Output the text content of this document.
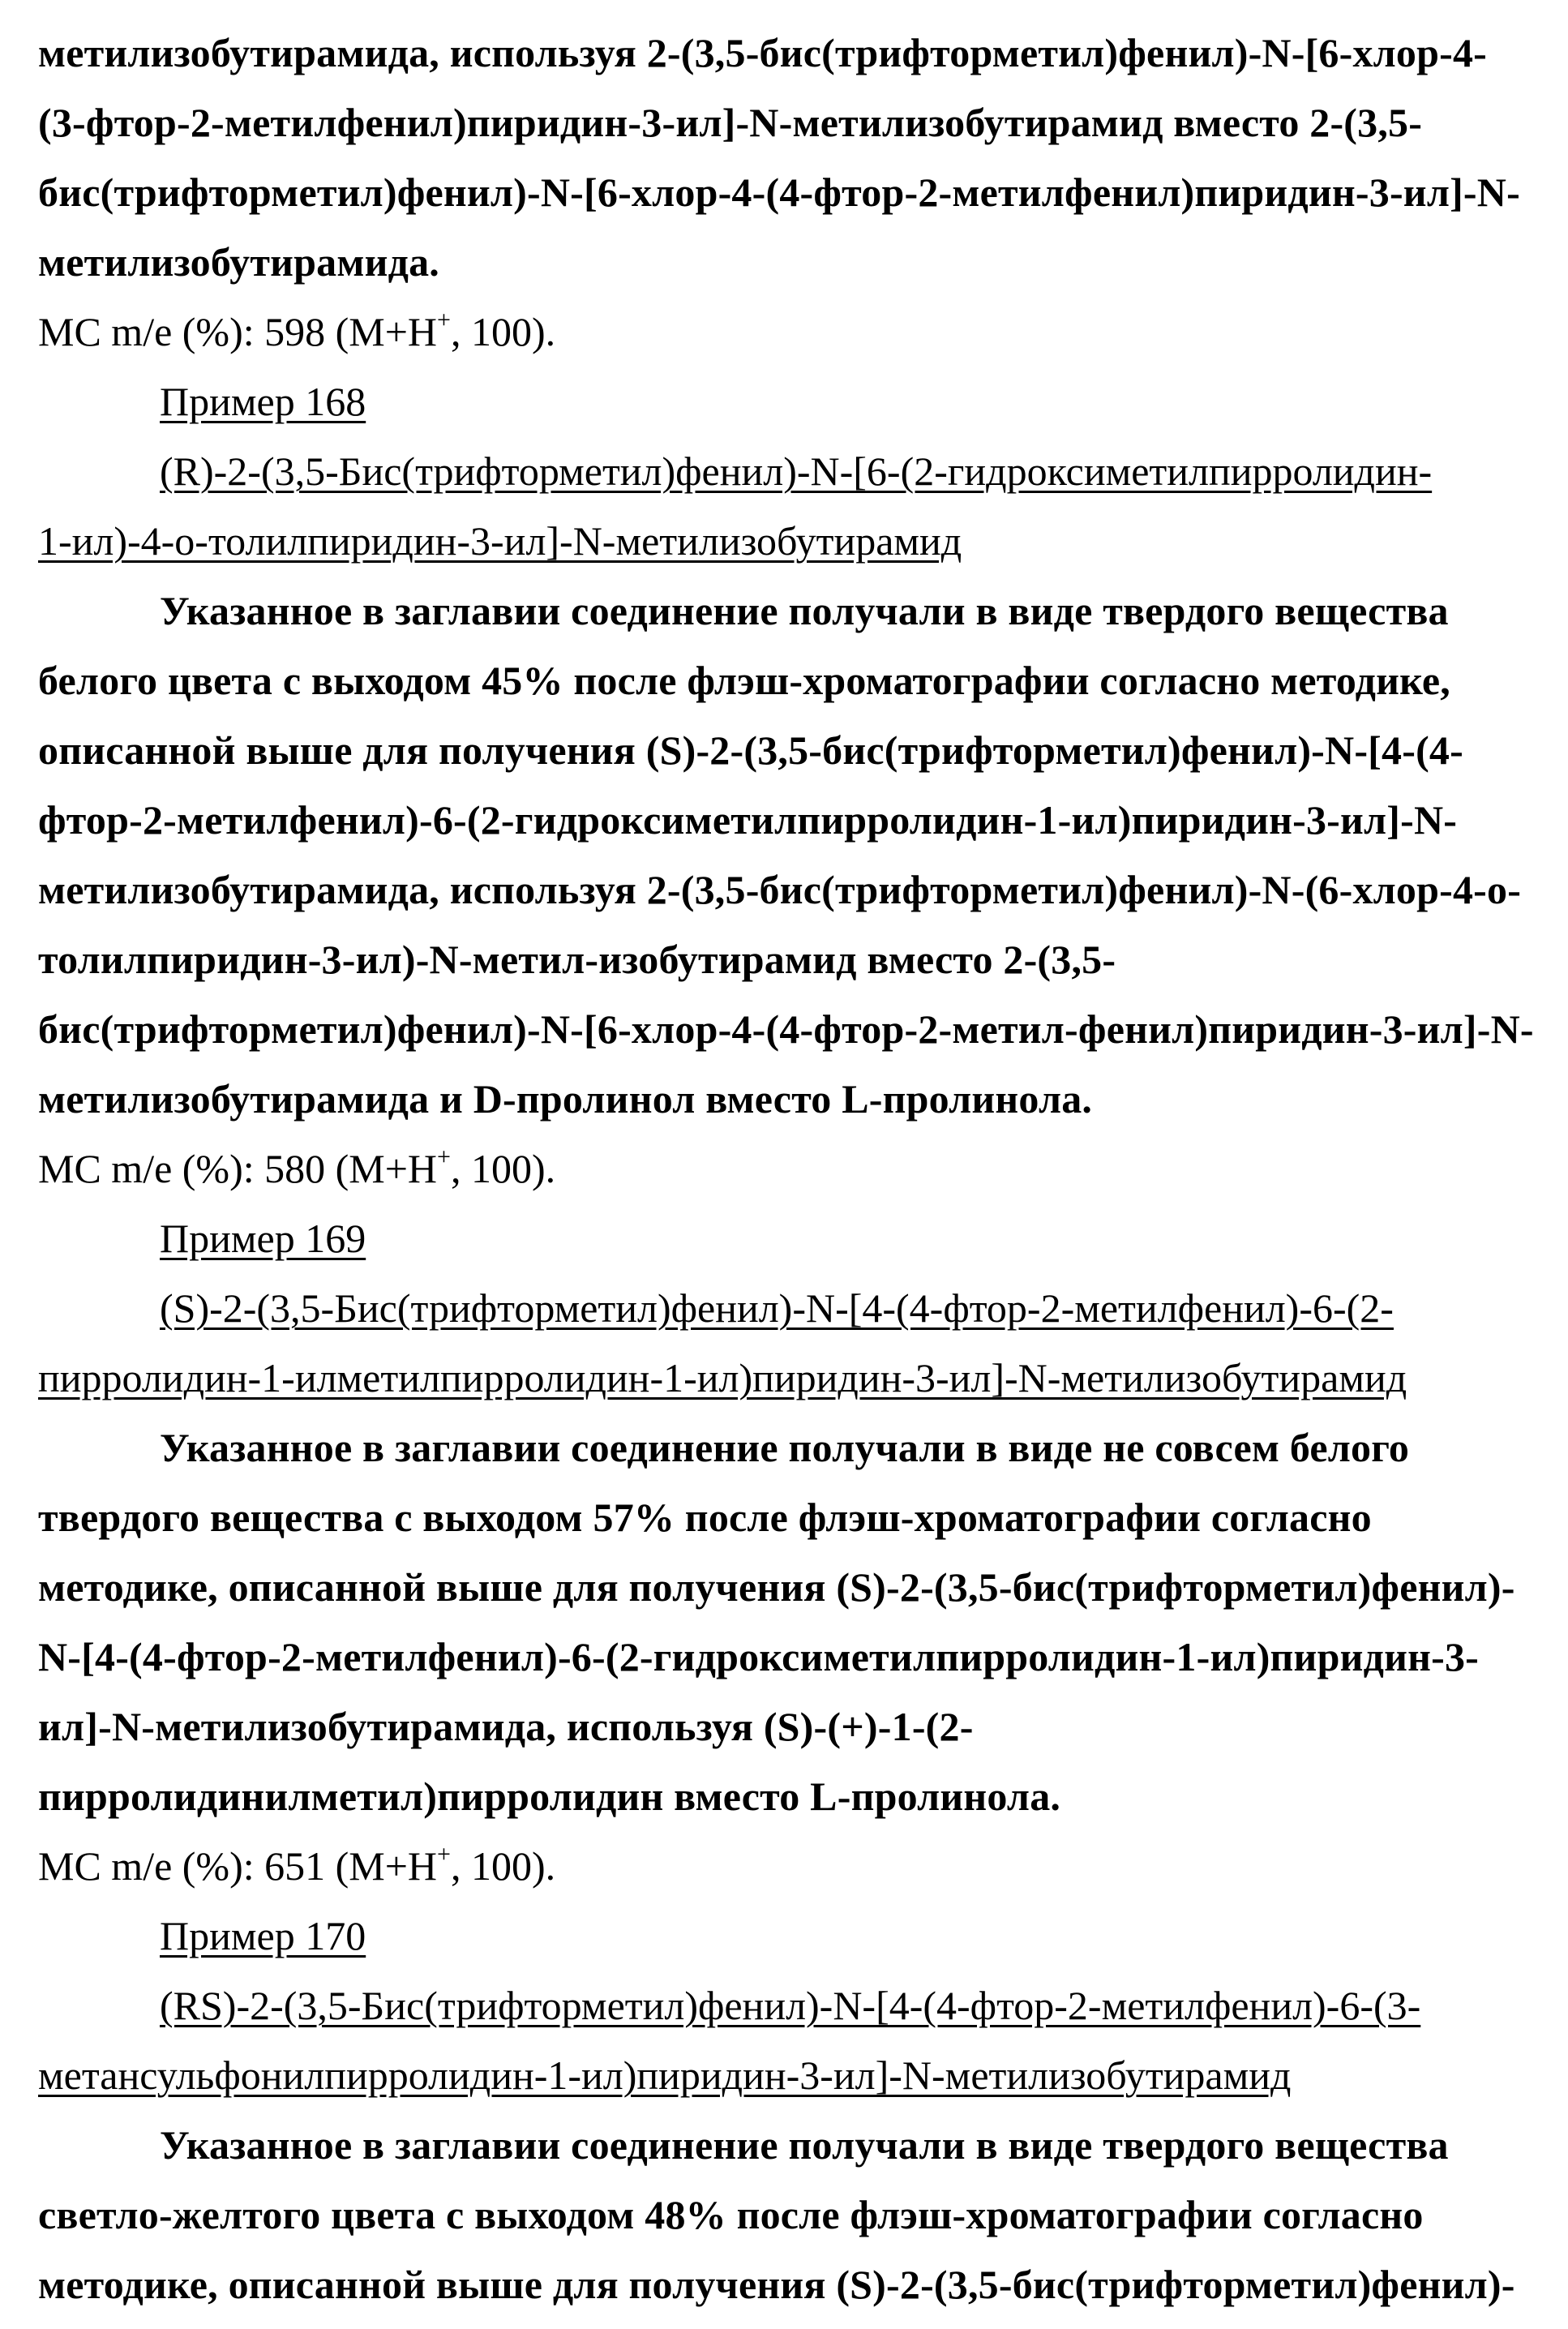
метилизобутирамида, используя 2-(3,5-бис(трифторметил)фенил)-N-[6-хлор-4-
(3-фтор-2-метилфенил)пиридин-3-ил]-N-метилизобутирамид вместо 2-(3,5-
бис(трифторметил)фенил)-N-[6-хлор-4-(4-фтор-2-метилфенил)пиридин-3-ил]-N-
метилизобутирамида.
MC m/e (%): 598 (M+H+, 100).
Пример 168
(R)-2-(3,5-Бис(трифторметил)фенил)-N-[6-(2-гидроксиметилпирролидин-
1-ил)-4-о-толилпиридин-3-ил]-N-метилизобутирамид
Указанное в заглавии соединение получали в виде твердого вещества
белого цвета с выходом 45% после флэш-хроматографии согласно методике,
описанной выше для получения (S)-2-(3,5-бис(трифторметил)фенил)-N-[4-(4-
фтор-2-метилфенил)-6-(2-гидроксиметилпирролидин-1-ил)пиридин-3-ил]-N-
метилизобутирамида, используя 2-(3,5-бис(трифторметил)фенил)-N-(6-хлор-4-о-
толилпиридин-3-ил)-N-метил-изобутирамид вместо 2-(3,5-
бис(трифторметил)фенил)-N-[6-хлор-4-(4-фтор-2-метил-фенил)пиридин-3-ил]-N-
метилизобутирамида и D-пролинол вместо L-пролинола.
MC m/e (%): 580 (M+H+, 100).
Пример 169
(S)-2-(3,5-Бис(трифторметил)фенил)-N-[4-(4-фтор-2-метилфенил)-6-(2-
пирролидин-1-илметилпирролидин-1-ил)пиридин-3-ил]-N-метилизобутирамид
Указанное в заглавии соединение получали в виде не совсем белого
твердого вещества с выходом 57% после флэш-хроматографии согласно
методике, описанной выше для получения (S)-2-(3,5-бис(трифторметил)фенил)-
N-[4-(4-фтор-2-метилфенил)-6-(2-гидроксиметилпирролидин-1-ил)пиридин-3-
ил]-N-метилизобутирамида, используя (S)-(+)-1-(2-
пирролидинилметил)пирролидин вместо L-пролинола.
MC m/e (%): 651 (M+H+, 100).
Пример 170
(RS)-2-(3,5-Бис(трифторметил)фенил)-N-[4-(4-фтор-2-метилфенил)-6-(3-
метансульфонилпирролидин-1-ил)пиридин-3-ил]-N-метилизобутирамид
Указанное в заглавии соединение получали в виде твердого вещества
светло-желтого цвета с выходом 48% после флэш-хроматографии согласно
методике, описанной выше для получения (S)-2-(3,5-бис(трифторметил)фенил)-
